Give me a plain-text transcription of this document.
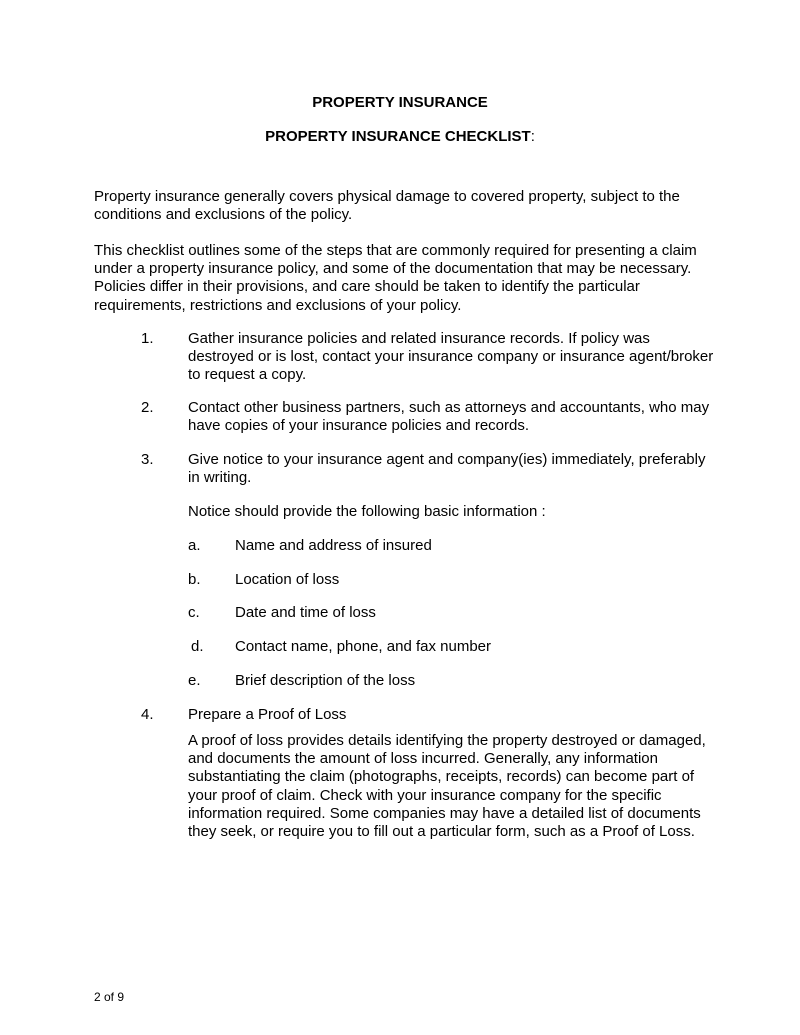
PROPERTY INSURANCE

PROPERTY INSURANCE CHECKLIST:

Property insurance generally covers physical damage to covered property, subject to the conditions and exclusions of the policy.

This checklist outlines some of the steps that are commonly required for presenting a claim under a property insurance policy, and some of the documentation that may be necessary. Policies differ in their provisions, and care should be taken to identify the particular requirements, restrictions and exclusions of your policy.

1. Gather insurance policies and related insurance records. If policy was destroyed or is lost, contact your insurance company or insurance agent/broker to request a copy.

2. Contact other business partners, such as attorneys and accountants, who may have copies of your insurance policies and records.

3. Give notice to your insurance agent and company(ies) immediately, preferably in writing.

Notice should provide the following basic information :

a. Name and address of insured
b. Location of loss
c. Date and time of loss
d. Contact name, phone, and fax number
e. Brief description of the loss
4. Prepare a Proof of Loss

A proof of loss provides details identifying the property destroyed or damaged, and documents the amount of loss incurred. Generally, any information substantiating the claim (photographs, receipts, records) can become part of your proof of claim. Check with your insurance company for the specific information required. Some companies may have a detailed list of documents they seek, or require you to fill out a particular form, such as a Proof of Loss.

2 of 9
